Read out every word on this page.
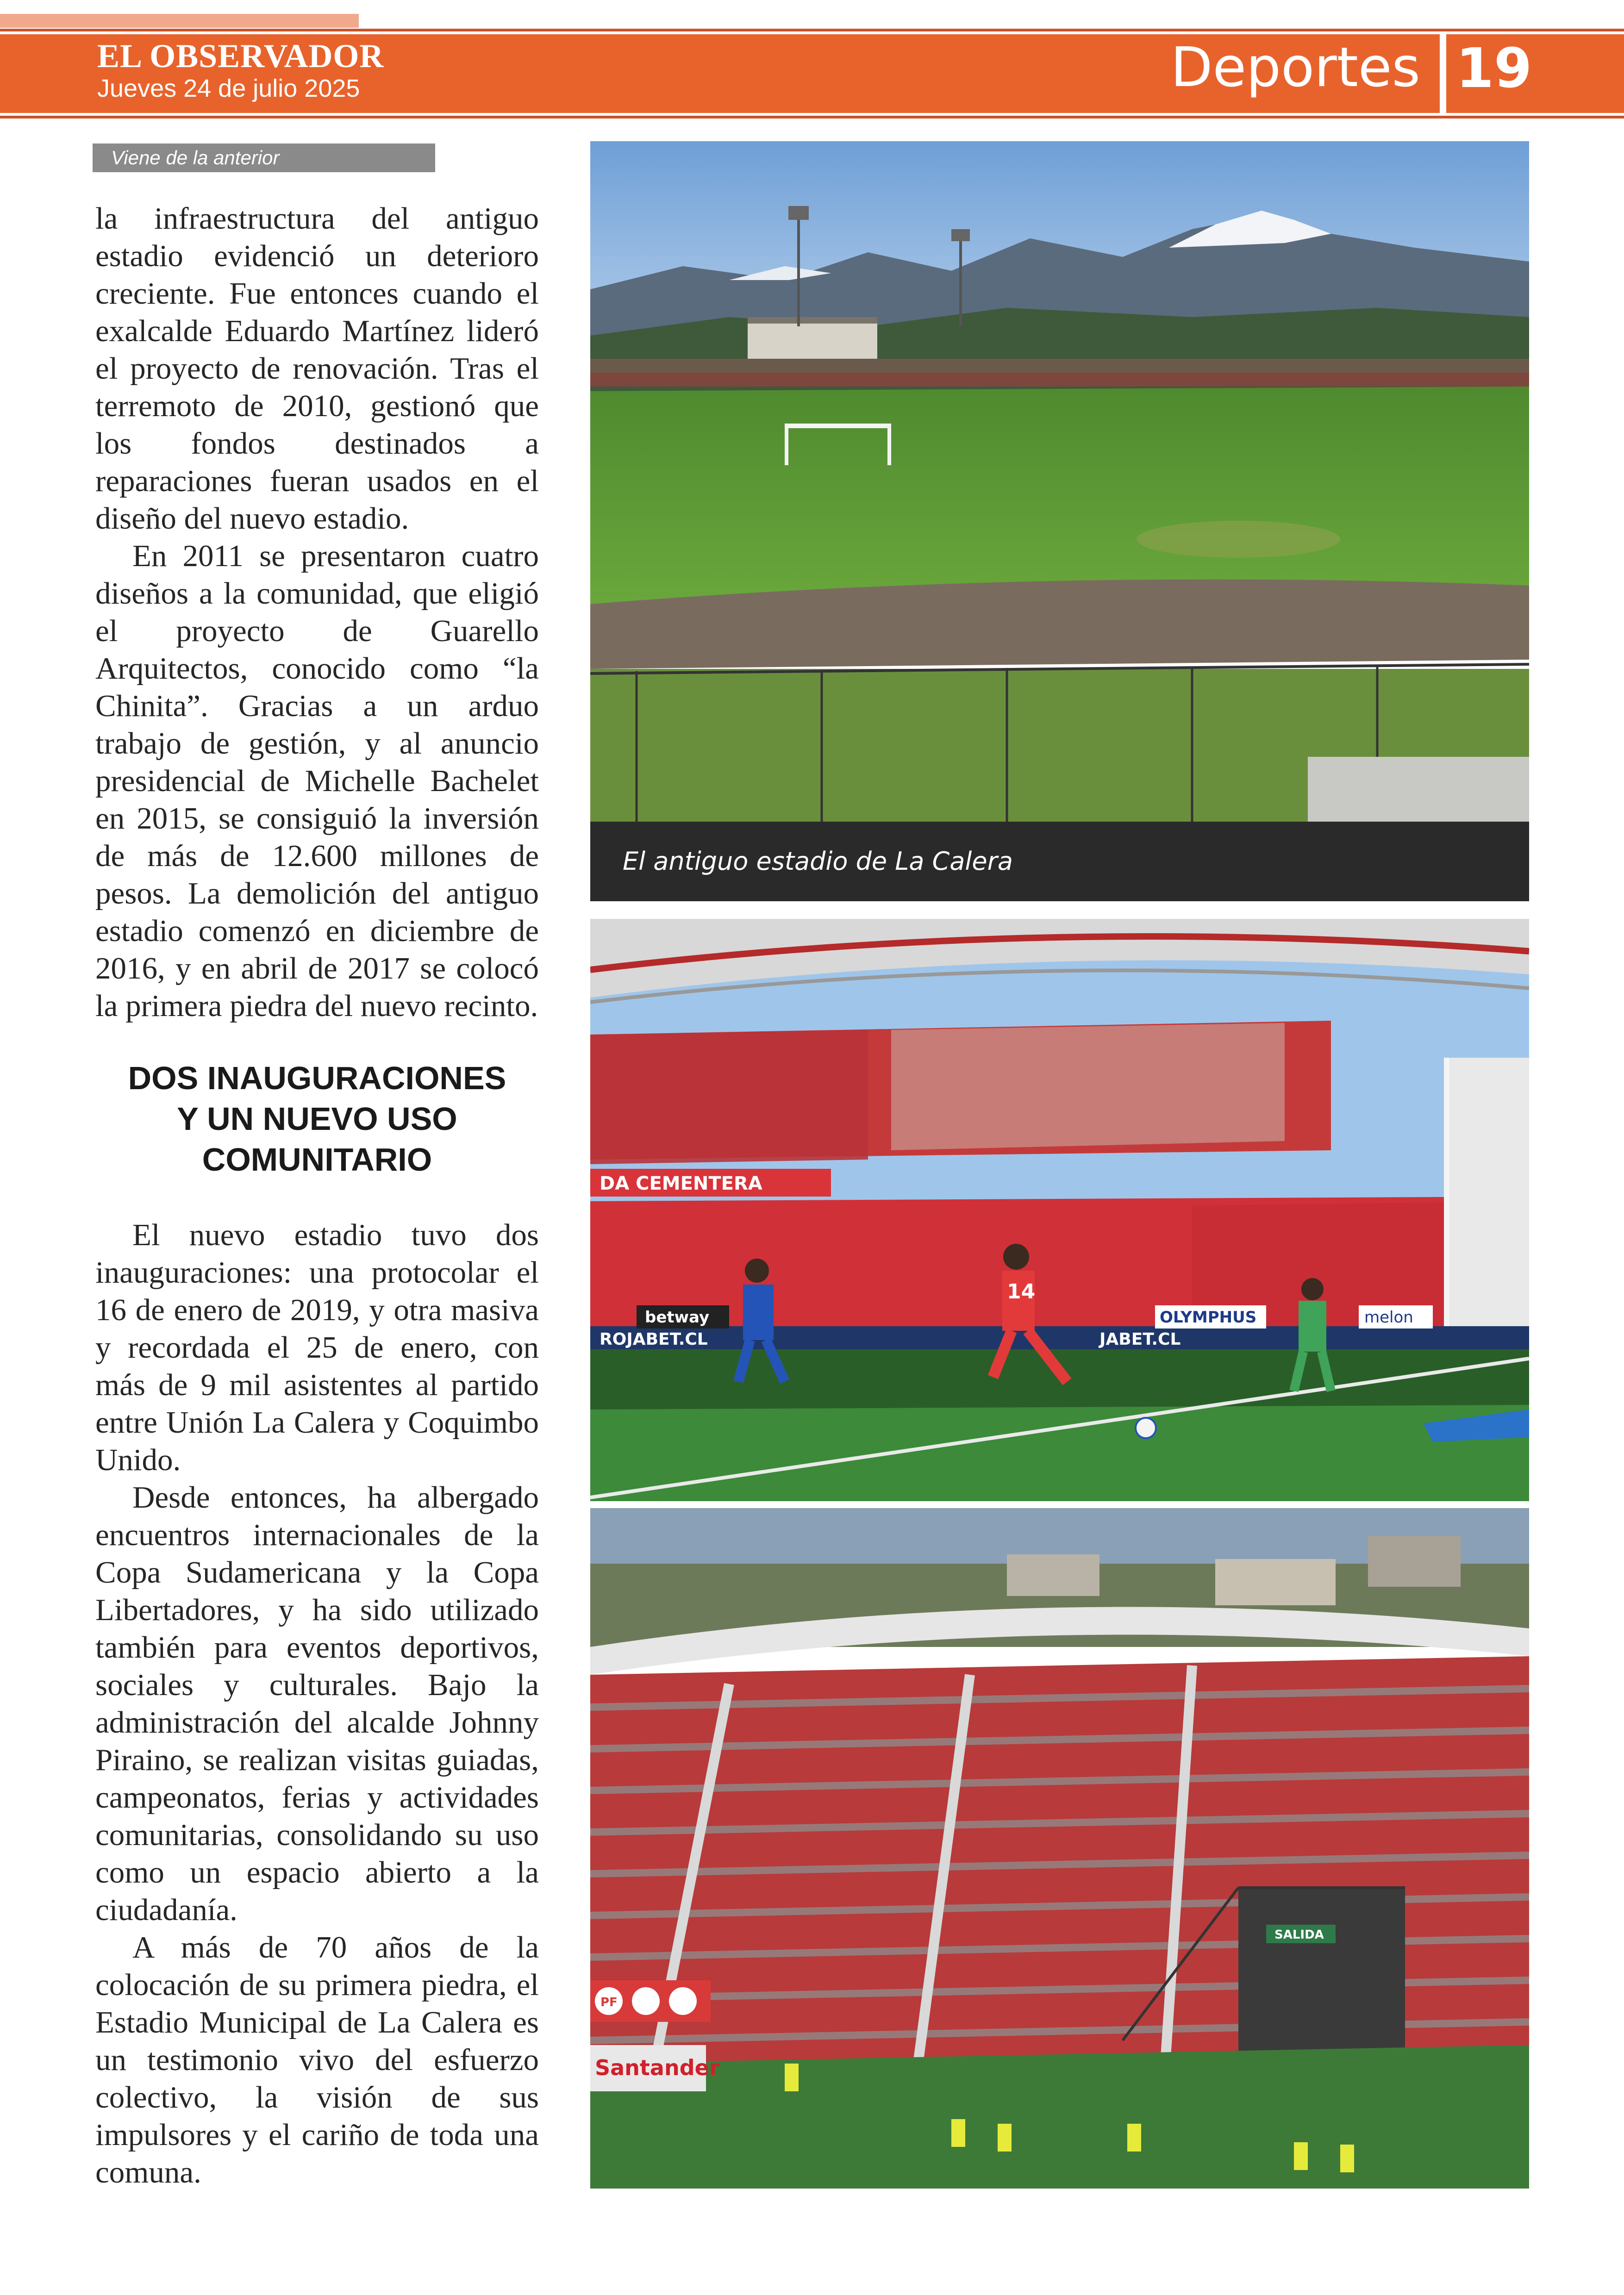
EL OBSERVADOR
Jueves 24 de julio 2025	Deportes 19
Viene de la anterior

la infraestructura del antiguo estadio evidenció un deterioro creciente. Fue entonces cuando el exalcalde Eduardo Martínez lideró el proyecto de renovación. Tras el terremoto de 2010, gestionó que los fondos destinados a reparaciones fueran usados en el diseño del nuevo estadio.

En 2011 se presentaron cuatro diseños a la comunidad, que eligió el proyecto de Guarello Arquitectos, conocido como “la Chinita”. Gracias a un arduo trabajo de gestión, y al anuncio presidencial de Michelle Bachelet en 2015, se consiguió la inversión de más de 12.600 millones de pesos. La demolición del antiguo estadio comenzó en diciembre de 2016, y en abril de 2017 se colocó la primera piedra del nuevo recinto.

DOS INAUGURACIONES
Y UN NUEVO USO
COMUNITARIO

El nuevo estadio tuvo dos inauguraciones: una protocolar el 16 de enero de 2019, y otra masiva y recordada el 25 de enero, con más de 9 mil asistentes al partido entre Unión La Calera y Coquimbo Unido.

Desde entonces, ha albergado encuentros internacionales de la Copa Sudamericana y la Copa Libertadores, y ha sido utilizado también para eventos deportivos, sociales y culturales. Bajo la administración del alcalde Johnny Piraino, se realizan visitas guiadas, campeonatos, ferias y actividades comunitarias, consolidando su uso como un espacio abierto a la ciudadanía.

A más de 70 años de la colocación de su primera piedra, el Estadio Municipal de La Calera es un testimonio vivo del esfuerzo colectivo, la visión de sus impulsores y el cariño de toda una comuna.

El antiguo estadio de La Calera
DA CEMENTERA
ROJABET.CL	JABET.CL
betway	OLYMPHUS	melon
14
SALIDA
PF
Santander
